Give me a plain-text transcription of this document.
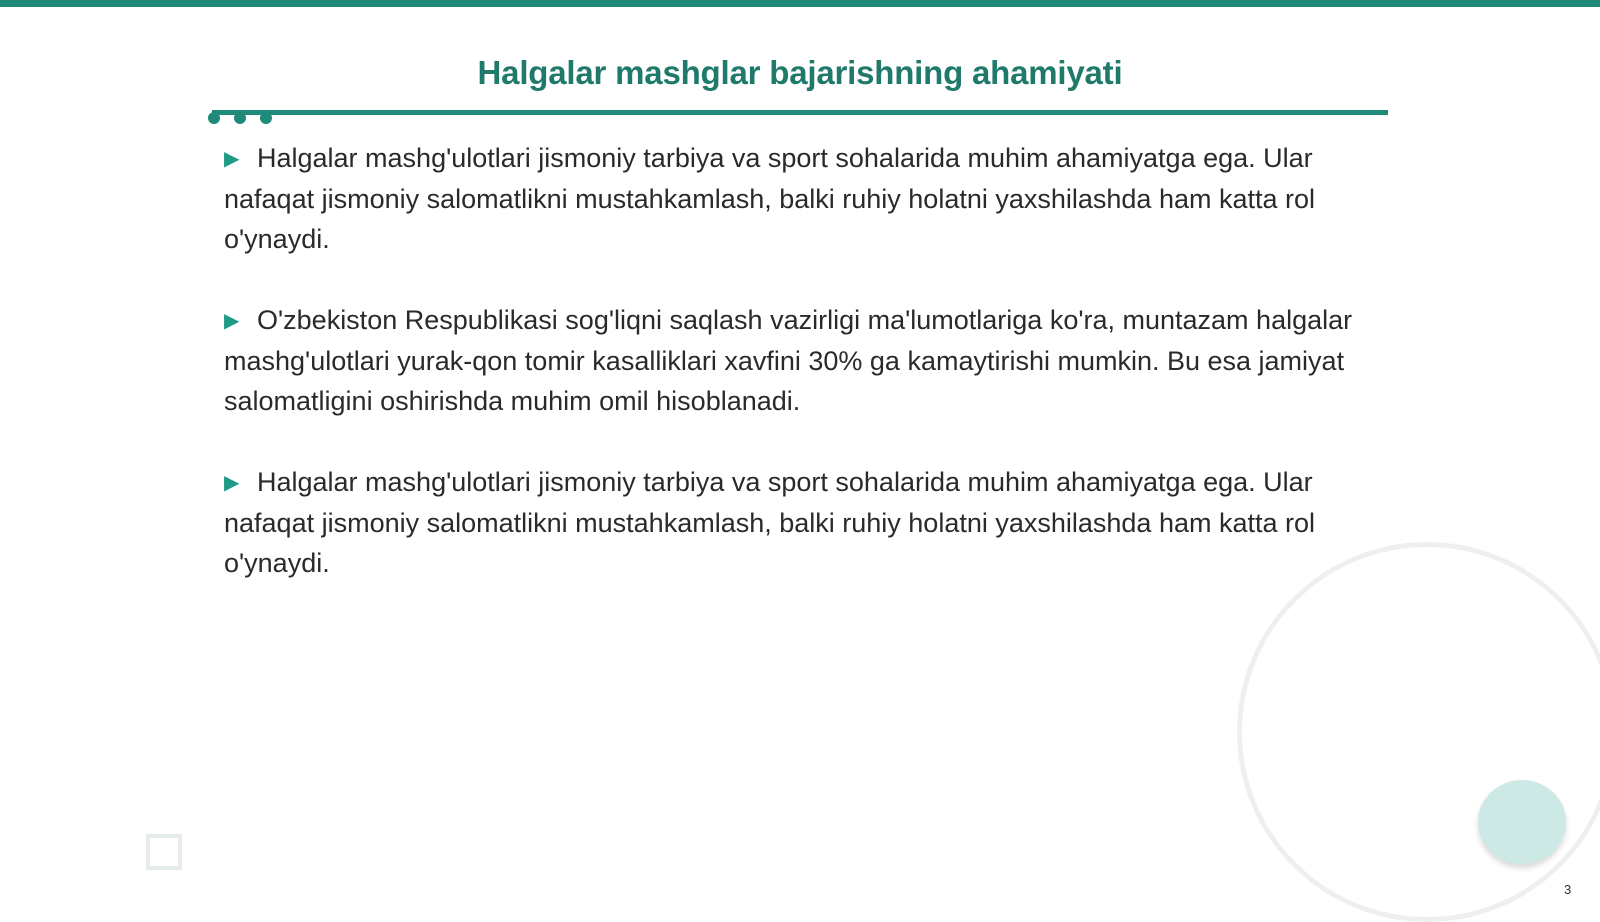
Halgalar mashglar bajarishning ahamiyati

▶ Halgalar mashg'ulotlari jismoniy tarbiya va sport sohalarida muhim ahamiyatga ega. Ular nafaqat jismoniy salomatlikni mustahkamlash, balki ruhiy holatni yaxshilashda ham katta rol o'ynaydi.

▶ O'zbekiston Respublikasi sog'liqni saqlash vazirligi ma'lumotlariga ko'ra, muntazam halgalar mashg'ulotlari yurak-qon tomir kasalliklari xavfini 30% ga kamaytirishi mumkin. Bu esa jamiyat salomatligini oshirishda muhim omil hisoblanadi.

▶ Halgalar mashg'ulotlari jismoniy tarbiya va sport sohalarida muhim ahamiyatga ega. Ular nafaqat jismoniy salomatlikni mustahkamlash, balki ruhiy holatni yaxshilashda ham katta rol o'ynaydi.

3
